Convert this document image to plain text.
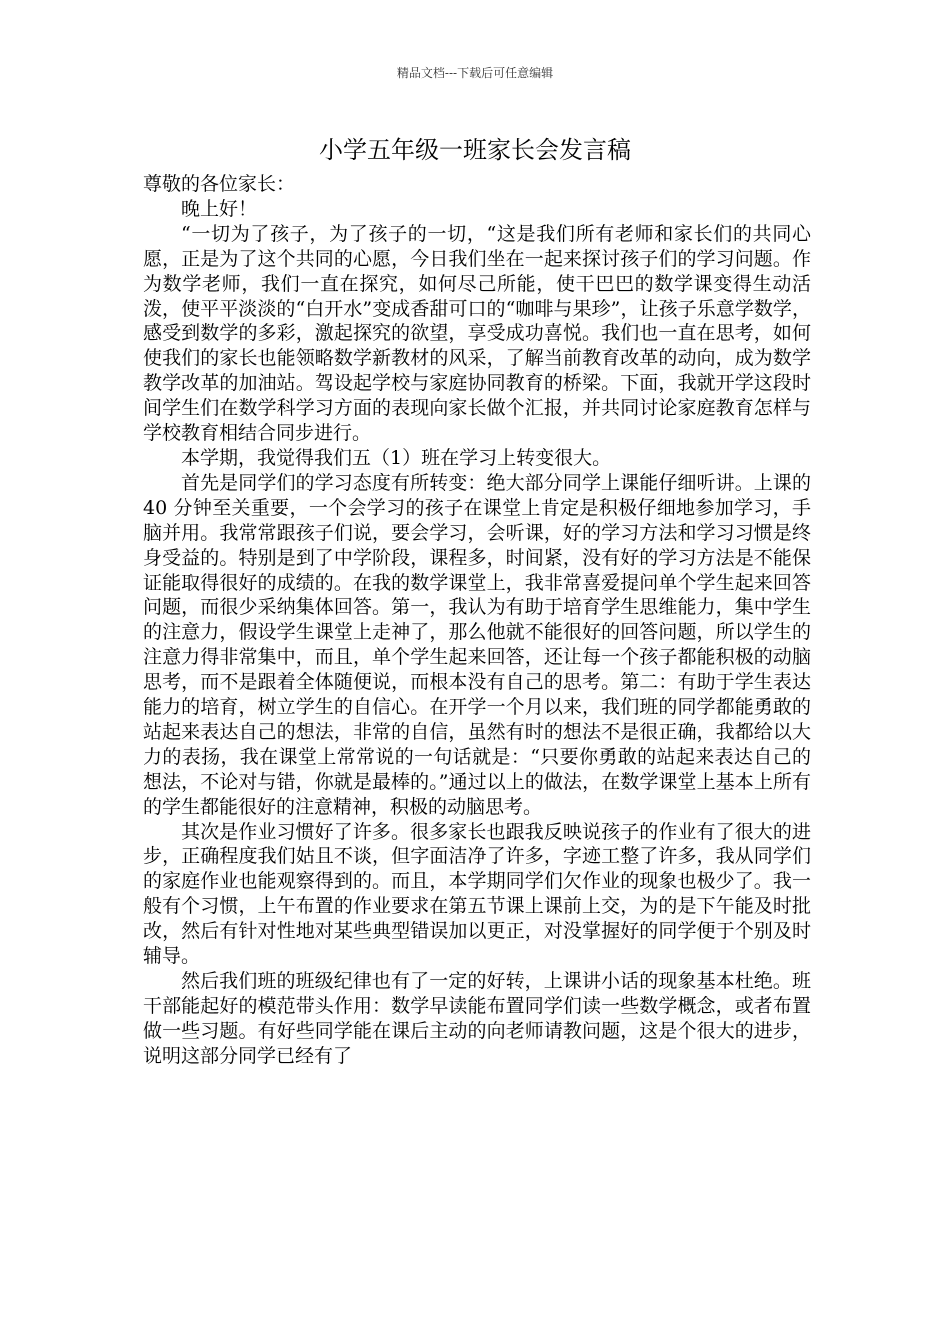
精品文档---下载后可任意编辑
小学五年级一班家长会发言稿

尊敬的各位家长：

晚上好！

“一切为了孩子，为了孩子的一切，“这是我们所有老师和家长们的共同心愿，正是为了这个共同的心愿，今日我们坐在一起来探讨孩子们的学习问题。作为数学老师，我们一直在探究，如何尽己所能，使干巴巴的数学课变得生动活泼，使平平淡淡的“白开水”变成香甜可口的“咖啡与果珍”，让孩子乐意学数学，感受到数学的多彩，激起探究的欲望，享受成功喜悦。我们也一直在思考，如何使我们的家长也能领略数学新教材的风采，了解当前教育改革的动向，成为数学教学改革的加油站。驾设起学校与家庭协同教育的桥梁。下面，我就开学这段时间学生们在数学科学习方面的表现向家长做个汇报，并共同讨论家庭教育怎样与学校教育相结合同步进行。

本学期，我觉得我们五（1）班在学习上转变很大。

首先是同学们的学习态度有所转变：绝大部分同学上课能仔细听讲。上课的 40 分钟至关重要，一个会学习的孩子在课堂上肯定是积极仔细地参加学习，手脑并用。我常常跟孩子们说，要会学习，会听课，好的学习方法和学习习惯是终身受益的。特别是到了中学阶段，课程多，时间紧，没有好的学习方法是不能保证能取得很好的成绩的。在我的数学课堂上，我非常喜爱提问单个学生起来回答问题，而很少采纳集体回答。第一，我认为有助于培育学生思维能力，集中学生的注意力，假设学生课堂上走神了，那么他就不能很好的回答问题，所以学生的注意力得非常集中，而且，单个学生起来回答，还让每一个孩子都能积极的动脑思考，而不是跟着全体随便说，而根本没有自己的思考。第二：有助于学生表达能力的培育，树立学生的自信心。在开学一个月以来，我们班的同学都能勇敢的站起来表达自己的想法，非常的自信，虽然有时的想法不是很正确，我都给以大力的表扬，我在课堂上常常说的一句话就是：“只要你勇敢的站起来表达自己的想法，不论对与错，你就是最棒的。”通过以上的做法，在数学课堂上基本上所有的学生都能很好的注意精神，积极的动脑思考。

其次是作业习惯好了许多。很多家长也跟我反映说孩子的作业有了很大的进步，正确程度我们姑且不谈，但字面洁净了许多，字迹工整了许多，我从同学们的家庭作业也能观察得到的。而且，本学期同学们欠作业的现象也极少了。我一般有个习惯，上午布置的作业要求在第五节课上课前上交，为的是下午能及时批改，然后有针对性地对某些典型错误加以更正，对没掌握好的同学便于个别及时辅导。

然后我们班的班级纪律也有了一定的好转，上课讲小话的现象基本杜绝。班干部能起好的模范带头作用：数学早读能布置同学们读一些数学概念，或者布置做一些习题。有好些同学能在课后主动的向老师请教问题，这是个很大的进步，说明这部分同学已经有了
